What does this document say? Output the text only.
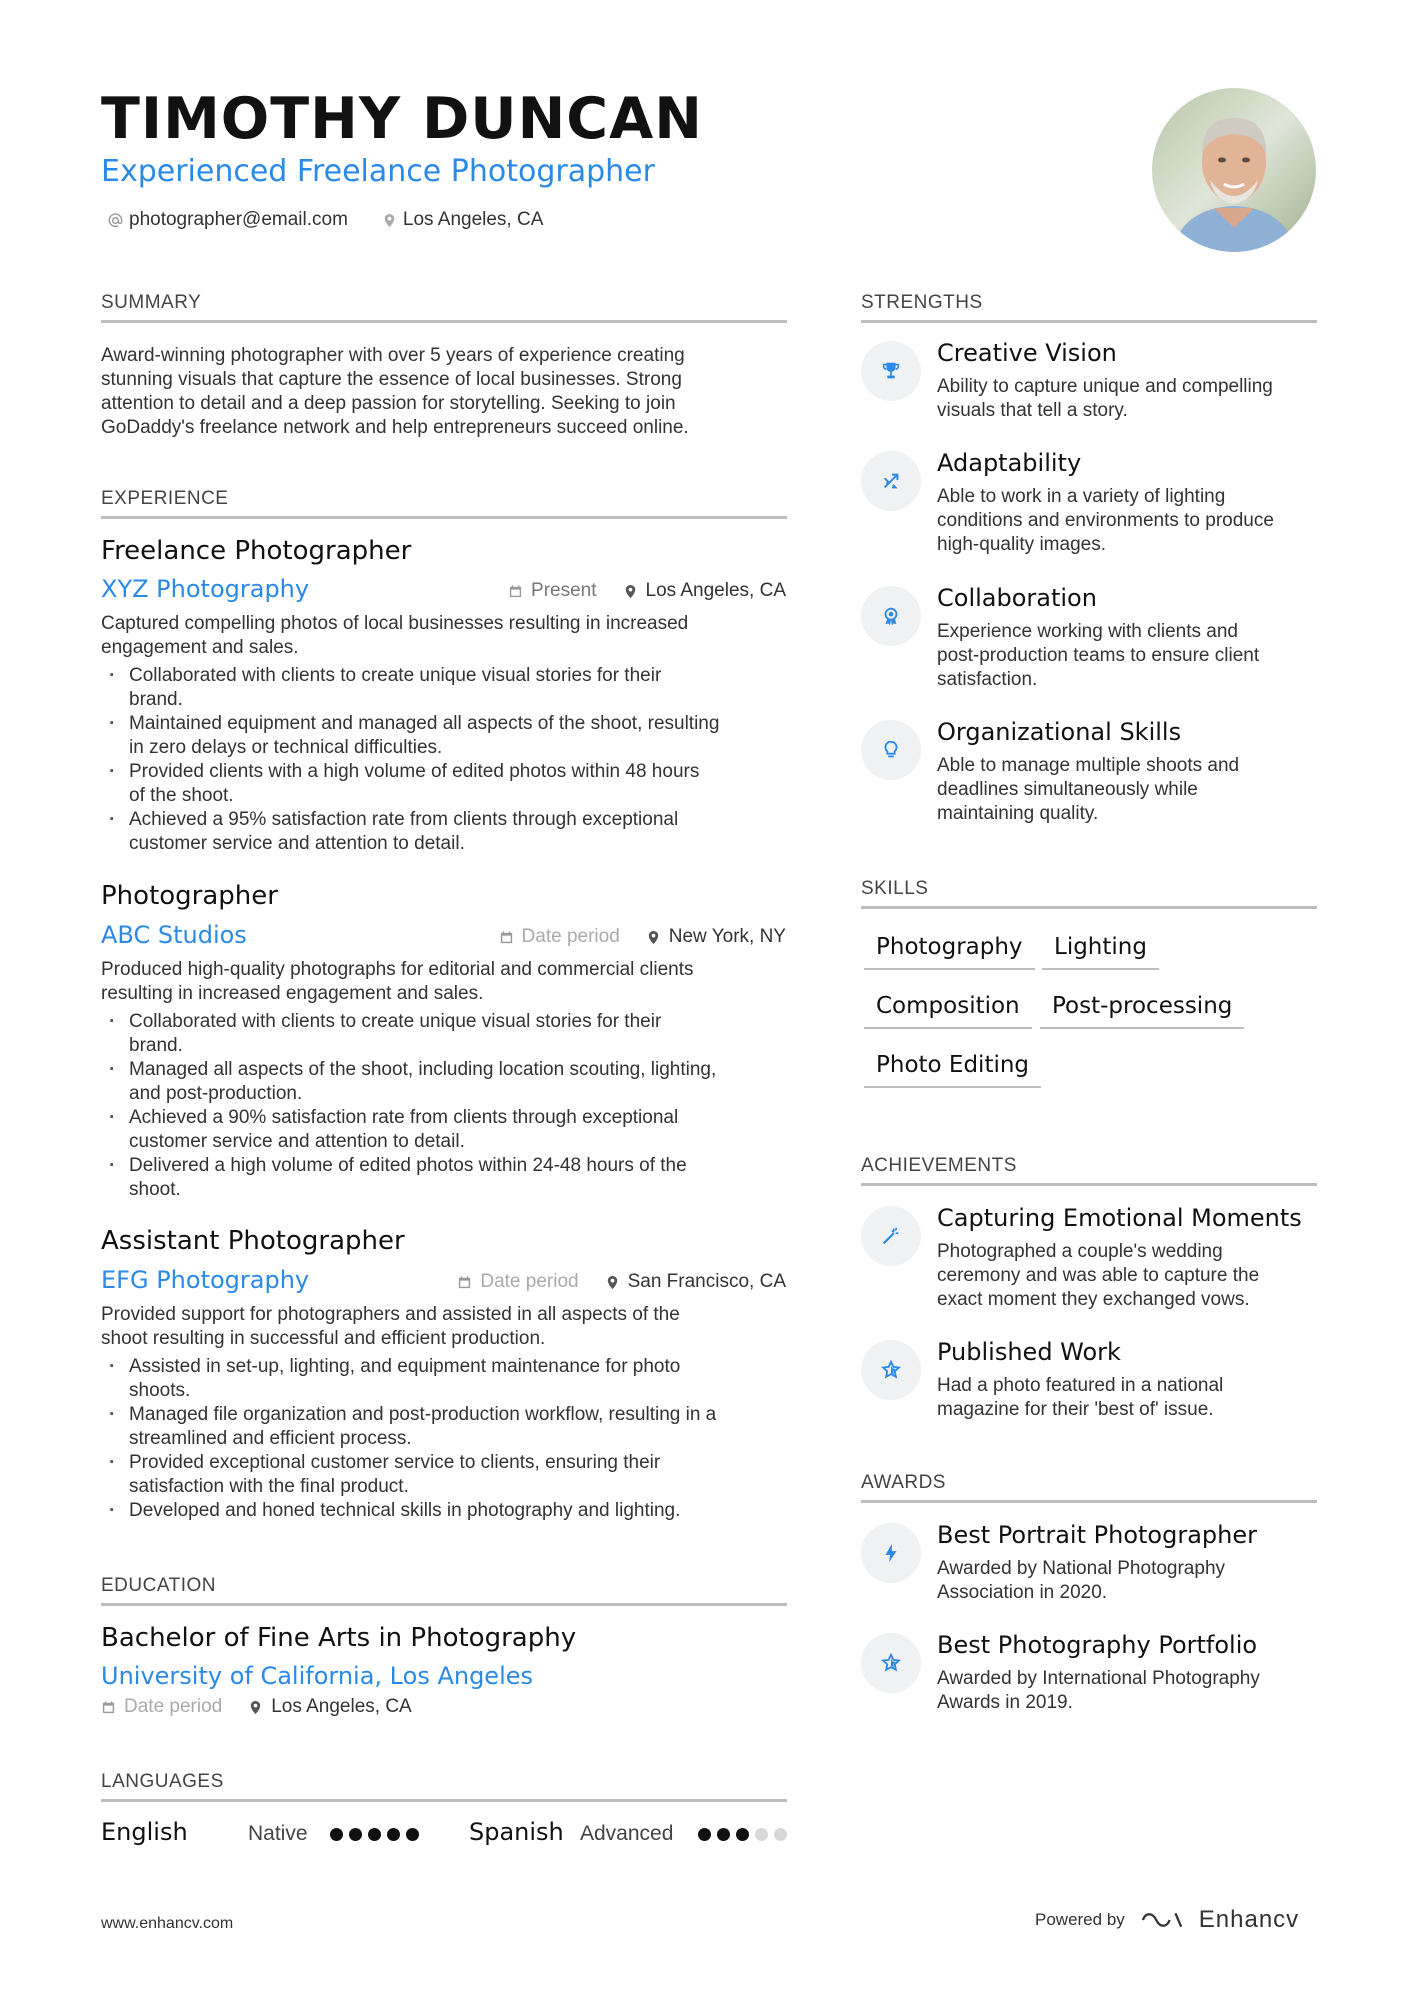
TIMOTHY DUNCAN
Experienced Freelance Photographer
photographer@email.com	Los Angeles, CA
SUMMARY
Award-winning photographer with over 5 years of experience creating
stunning visuals that capture the essence of local businesses. Strong
attention to detail and a deep passion for storytelling. Seeking to join
GoDaddy's freelance network and help entrepreneurs succeed online.
EXPERIENCE
Freelance Photographer
XYZ Photography	Present	Los Angeles, CA
Captured compelling photos of local businesses resulting in increased
engagement and sales.
· Collaborated with clients to create unique visual stories for their
brand.
· Maintained equipment and managed all aspects of the shoot, resulting
in zero delays or technical difficulties.
· Provided clients with a high volume of edited photos within 48 hours
of the shoot.
· Achieved a 95% satisfaction rate from clients through exceptional
customer service and attention to detail.
Photographer
ABC Studios	Date period	New York, NY
Produced high-quality photographs for editorial and commercial clients
resulting in increased engagement and sales.
· Collaborated with clients to create unique visual stories for their
brand.
· Managed all aspects of the shoot, including location scouting, lighting,
and post-production.
· Achieved a 90% satisfaction rate from clients through exceptional
customer service and attention to detail.
· Delivered a high volume of edited photos within 24-48 hours of the
shoot.
Assistant Photographer
EFG Photography	Date period	San Francisco, CA
Provided support for photographers and assisted in all aspects of the
shoot resulting in successful and efficient production.
· Assisted in set-up, lighting, and equipment maintenance for photo
shoots.
· Managed file organization and post-production workflow, resulting in a
streamlined and efficient process.
· Provided exceptional customer service to clients, ensuring their
satisfaction with the final product.
· Developed and honed technical skills in photography and lighting.
EDUCATION
Bachelor of Fine Arts in Photography
University of California, Los Angeles
Date period	Los Angeles, CA
LANGUAGES
English	Native	Spanish Advanced
STRENGTHS
Creative Vision
Ability to capture unique and compelling
visuals that tell a story.
Adaptability
Able to work in a variety of lighting
conditions and environments to produce
high-quality images.
Collaboration
Experience working with clients and
post-production teams to ensure client
satisfaction.
Organizational Skills
Able to manage multiple shoots and
deadlines simultaneously while
maintaining quality.
SKILLS
Photography	Lighting
Composition	Post-processing
Photo Editing
ACHIEVEMENTS
Capturing Emotional Moments
Photographed a couple's wedding
ceremony and was able to capture the
exact moment they exchanged vows.
Published Work
Had a photo featured in a national
magazine for their 'best of' issue.
AWARDS
Best Portrait Photographer
Awarded by National Photography
Association in 2020.
Best Photography Portfolio
Awarded by International Photography
Awards in 2019.
www.enhancv.com	Powered by	Enhancv
